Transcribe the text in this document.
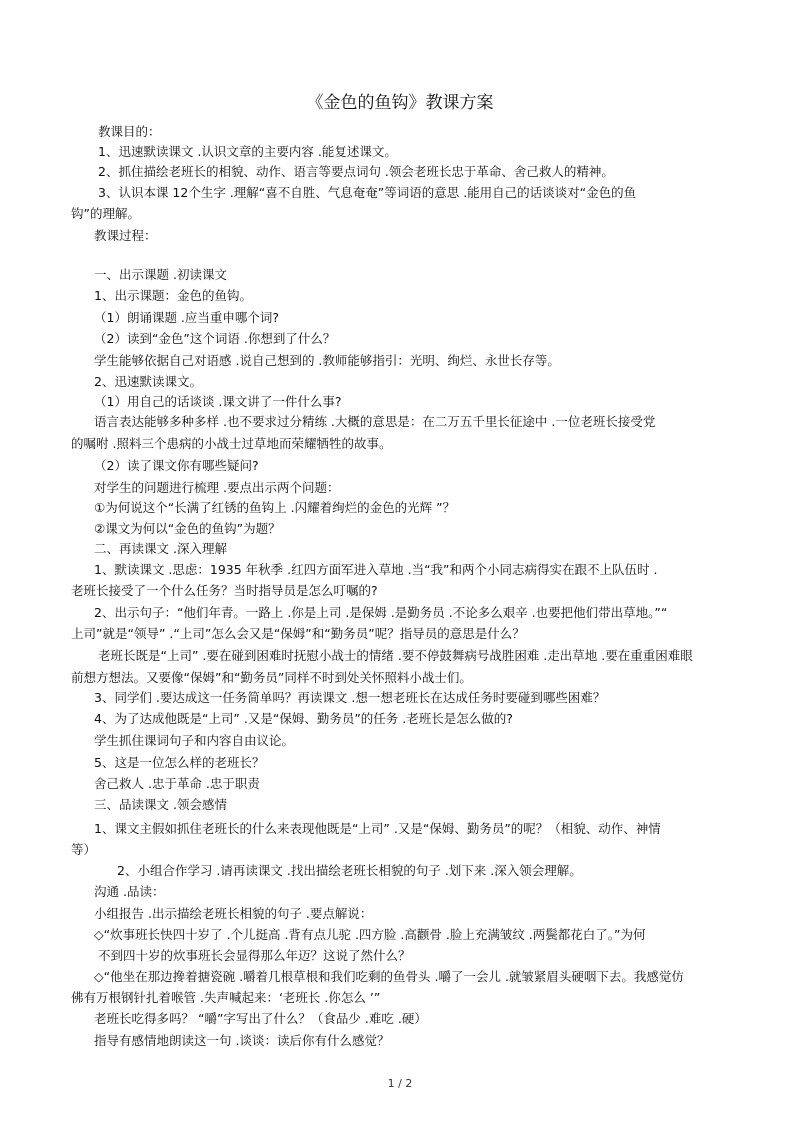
《金色的鱼钩》教课方案
教课目的：
1、迅速默读课文 .认识文章的主要内容 .能复述课文。
2、抓住描绘老班长的相貌、动作、语言等要点词句 .领会老班长忠于革命、舍己救人的精神。
3、认识本课 12个生字 .理解“喜不自胜、气息奄奄”等词语的意思 .能用自己的话谈谈对“金色的鱼
钩”的理解。
教课过程：
一、出示课题 .初读课文
1、出示课题：金色的鱼钩。
（1）朗诵课题 .应当重申哪个词?
（2）读到“金色”这个词语 .你想到了什么？
学生能够依据自己对语感 .说自己想到的 .教师能够指引：光明、绚烂、永世长存等。
2、迅速默读课文。
（1）用自己的话谈谈 .课文讲了一件什么事?
语言表达能够多种多样 .也不要求过分精练 .大概的意思是：在二万五千里长征途中 .一位老班长接受党
的嘱咐 .照料三个患病的小战士过草地而荣耀牺牲的故事。
（2）读了课文你有哪些疑问?
对学生的问题进行梳理 .要点出示两个问题：
①为何说这个“长满了红锈的鱼钩上 .闪耀着绚烂的金色的光辉 ”？
②课文为何以“金色的鱼钩”为题？
二、再读课文 .深入理解
1、默读课文 .思虑：1935 年秋季 .红四方面军进入草地 .当“我”和两个小同志病得实在跟不上队伍时 .
老班长接受了一个什么任务？当时指导员是怎么叮嘱的?
2、出示句子：“他们年青。一路上 .你是上司 .是保姆 .是勤务员 .不论多么艰辛 .也要把他们带出草地。”“
上司”就是“领导” .“上司”怎么会又是“保姆”和“勤务员”呢？指导员的意思是什么？
老班长既是“上司” .要在碰到困难时抚慰小战士的情绪 .要不停鼓舞病号战胜困难 .走出草地 .要在重重困难眼
前想方想法。又要像“保姆”和“勤务员”同样不时到处关怀照料小战士们。
3、同学们 .要达成这一任务简单吗？再读课文 .想一想老班长在达成任务时要碰到哪些困难？
4、为了达成他既是“上司” .又是“保姆、勤务员”的任务 .老班长是怎么做的?
学生抓住课词句子和内容自由议论。
5、这是一位怎么样的老班长？
舍己救人 .忠于革命 .忠于职责
三、品读课文 .领会感情
1、课文主假如抓住老班长的什么来表现他既是“上司” .又是“保姆、勤务员”的呢？（相貌、动作、神情
等）
2、小组合作学习 .请再读课文 .找出描绘老班长相貌的句子 .划下来 .深入领会理解。
沟通 .品读：
小组报告 .出示描绘老班长相貌的句子 .要点解说：
◇“炊事班长快四十岁了 .个儿挺高 .背有点儿驼 .四方脸 .高颧骨 .脸上充满皱纹 .两鬓都花白了。”为何
不到四十岁的炊事班长会显得那么年迈？这说了然什么？
◇“他坐在那边搀着搪瓷碗 .嚼着几根草根和我们吃剩的鱼骨头 .嚼了一会儿 .就皱紧眉头硬咽下去。我感觉仿
佛有万根钢针扎着喉管 .失声喊起来：‘老班长 .你怎么 ’”
老班长吃得多吗？ “嚼”字写出了什么？（食品少 .难吃 .硬）
指导有感情地朗读这一句 .谈谈：读后你有什么感觉？
1 / 2
